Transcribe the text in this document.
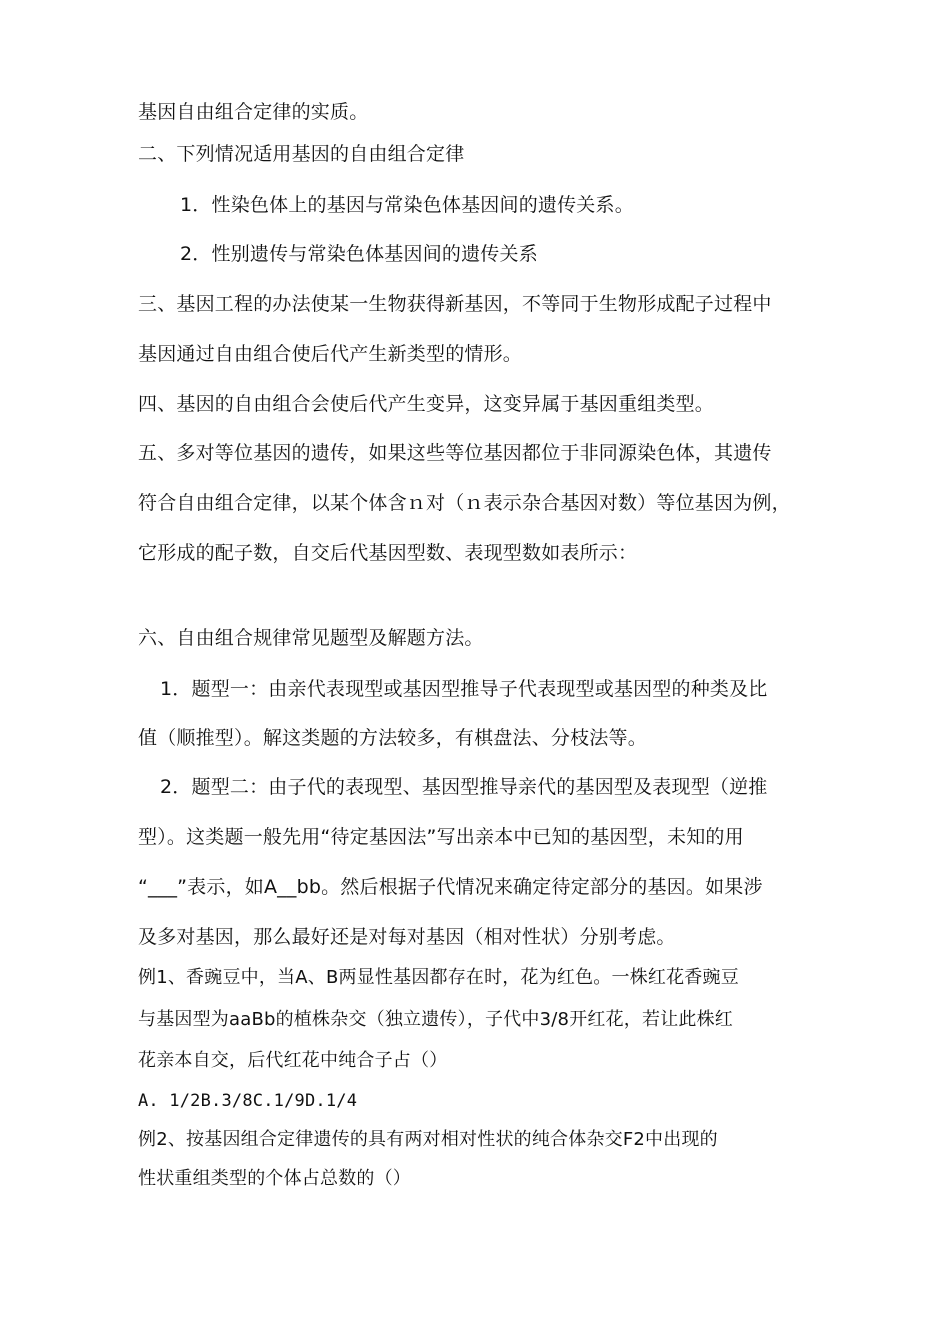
基因自由组合定律的实质。
二、下列情况适用基因的自由组合定律
1．性染色体上的基因与常染色体基因间的遗传关系。
2．性别遗传与常染色体基因间的遗传关系
三、基因工程的办法使某一生物获得新基因，不等同于生物形成配子过程中
基因通过自由组合使后代产生新类型的情形。
四、基因的自由组合会使后代产生变异，这变异属于基因重组类型。
五、多对等位基因的遗传，如果这些等位基因都位于非同源染色体，其遗传
符合自由组合定律，以某个体含ｎ对（ｎ表示杂合基因对数）等位基因为例，
它形成的配子数，自交后代基因型数、表现型数如表所示：
六、自由组合规律常见题型及解题方法。
1．题型一：由亲代表现型或基因型推导子代表现型或基因型的种类及比
值（顺推型）。解这类题的方法较多，有棋盘法、分枝法等。
2．题型二：由子代的表现型、基因型推导亲代的基因型及表现型（逆推
型）。这类题一般先用“待定基因法”写出亲本中已知的基因型，未知的用
“___”表示，如A__bb。然后根据子代情况来确定待定部分的基因。如果涉
及多对基因，那么最好还是对每对基因（相对性状）分别考虑。
例1、香豌豆中，当A、B两显性基因都存在时，花为红色。一株红花香豌豆
与基因型为aaBb的植株杂交（独立遗传），子代中3/8开红花，若让此株红
花亲本自交，后代红花中纯合子占（）
A. 1/2B.3/8C.1/9D.1/4
例2、按基因组合定律遗传的具有两对相对性状的纯合体杂交F2中出现的
性状重组类型的个体占总数的（）
